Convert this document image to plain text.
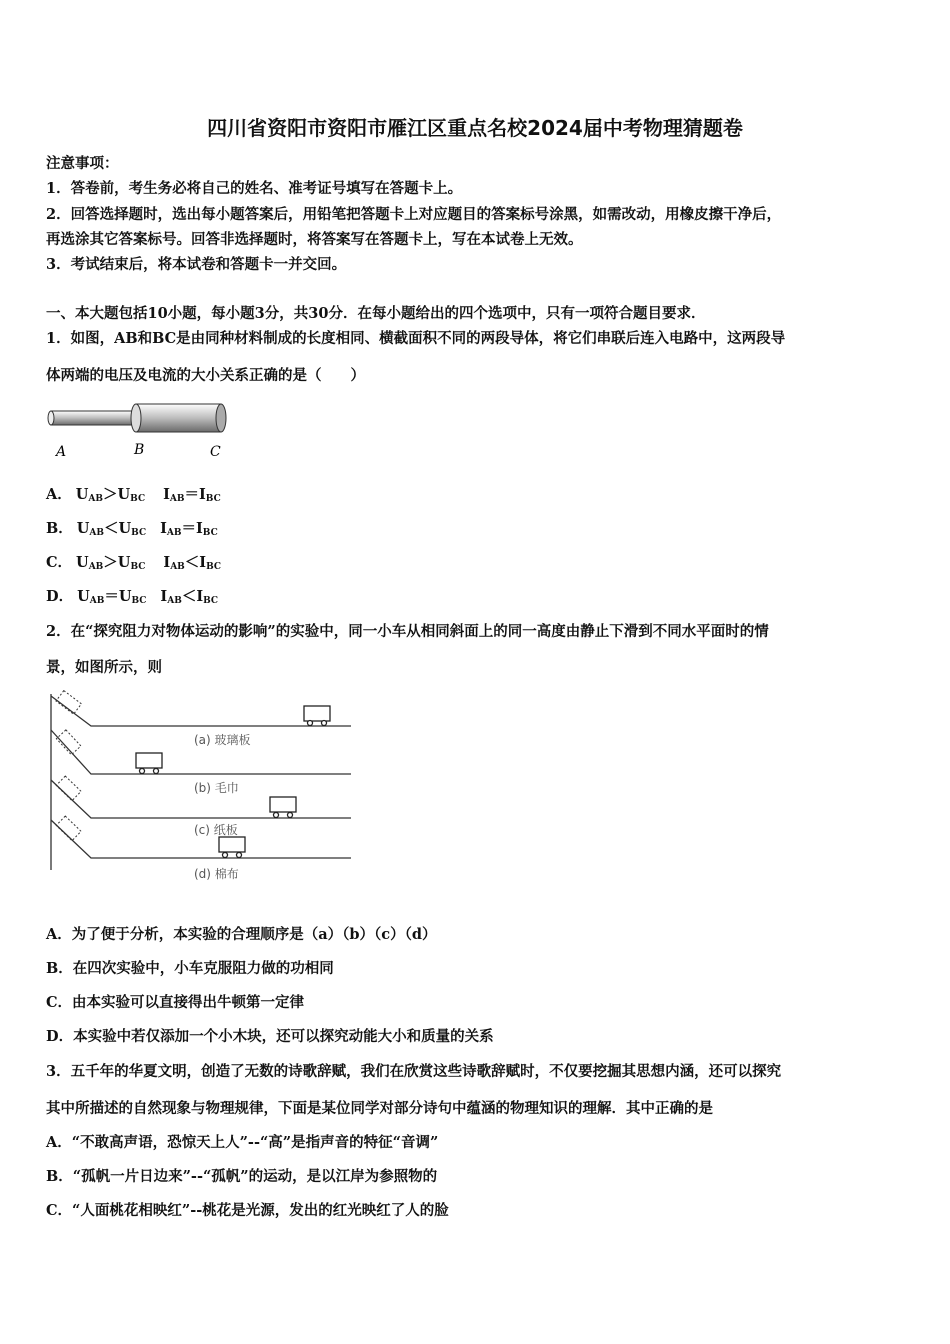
四川省资阳市资阳市雁江区重点名校2024届中考物理猜题卷
注意事项：
1．答卷前，考生务必将自己的姓名、准考证号填写在答题卡上。
2．回答选择题时，选出每小题答案后，用铅笔把答题卡上对应题目的答案标号涂黑，如需改动，用橡皮擦干净后，
再选涂其它答案标号。回答非选择题时，将答案写在答题卡上，写在本试卷上无效。
3．考试结束后，将本试卷和答题卡一并交回。
一、本大题包括10小题，每小题3分，共30分．在每小题给出的四个选项中，只有一项符合题目要求．
1．如图，AB和BC是由同种材料制成的长度相同、横截面积不同的两段导体，将它们串联后连入电路中，这两段导
体两端的电压及电流的大小关系正确的是（　　）
A	B	C
A． $U_{AB}>U_{BC}$ $I_{AB}=I_{BC}$
B． $U_{AB}<U_{BC}$ $I_{AB}=I_{BC}$
C． $U_{AB}>U_{BC}$ $I_{AB}<I_{BC}$
D． $U_{AB}=U_{BC}$ $I_{AB}<I_{BC}$
2．在“探究阻力对物体运动的影响”的实验中，同一小车从相同斜面上的同一高度由静止下滑到不同水平面时的情
景，如图所示，则
(a) 玻璃板
(b) 毛巾
(c) 纸板
(d) 棉布
A．为了便于分析，本实验的合理顺序是（a）（b）（c）（d）
B．在四次实验中，小车克服阻力做的功相同
C．由本实验可以直接得出牛顿第一定律
D．本实验中若仅添加一个小木块，还可以探究动能大小和质量的关系
3．五千年的华夏文明，创造了无数的诗歌辞赋，我们在欣赏这些诗歌辞赋时，不仅要挖掘其思想内涵，还可以探究
其中所描述的自然现象与物理规律，下面是某位同学对部分诗句中蕴涵的物理知识的理解．其中正确的是
A．“不敢高声语，恐惊天上人”--“高”是指声音的特征“音调”
B．“孤帆一片日边来”--“孤帆”的运动，是以江岸为参照物的
C．“人面桃花相映红”--桃花是光源，发出的红光映红了人的脸
